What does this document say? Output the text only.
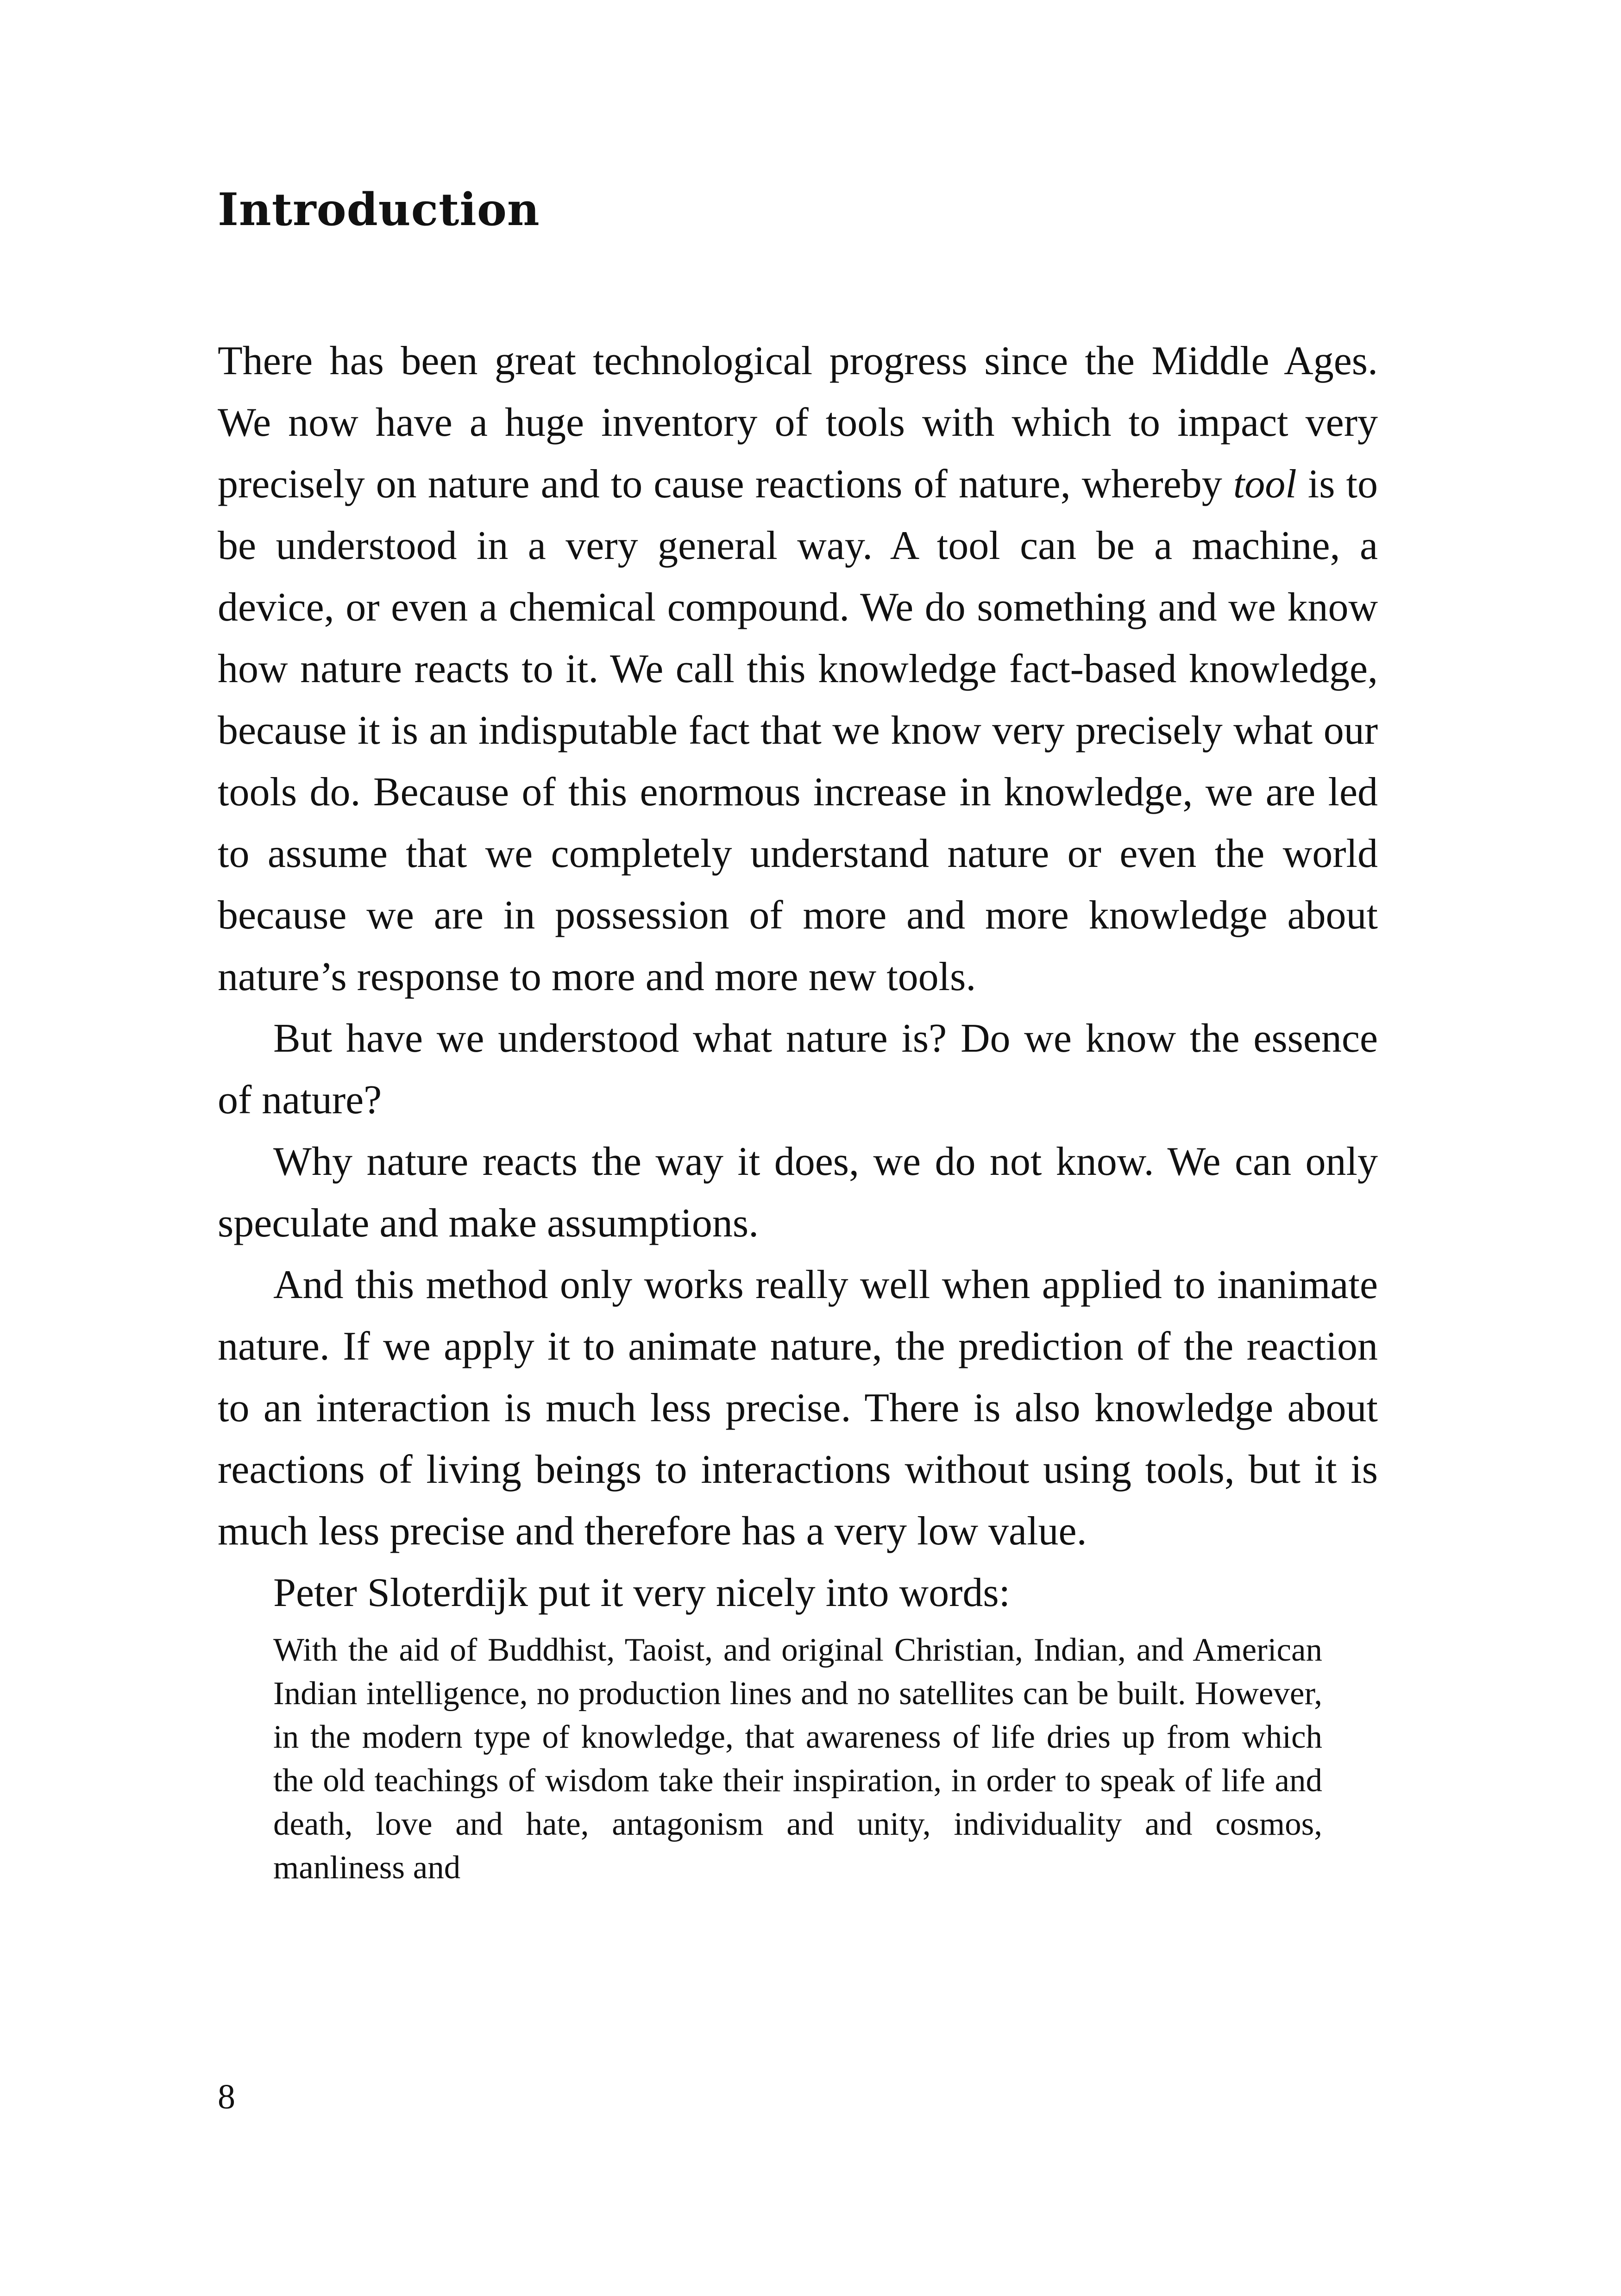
Introduction

There has been great technological progress since the Middle Ages. We now have a huge inventory of tools with which to impact very precisely on nature and to cause reactions of nature, whereby tool is to be understood in a very general way. A tool can be a machine, a device, or even a chemical compound. We do something and we know how nature reacts to it. We call this knowledge fact-based knowledge, because it is an indisputable fact that we know very precisely what our tools do. Because of this enormous increase in knowledge, we are led to assume that we completely understand nature or even the world because we are in possession of more and more knowledge about nature’s response to more and more new tools.

But have we understood what nature is? Do we know the essence of nature?

Why nature reacts the way it does, we do not know. We can only speculate and make assumptions.

And this method only works really well when applied to inanimate nature. If we apply it to animate nature, the prediction of the reaction to an interaction is much less precise. There is also knowledge about reactions of living beings to interactions without using tools, but it is much less precise and therefore has a very low value.

Peter Sloterdijk put it very nicely into words:

With the aid of Buddhist, Taoist, and original Christian, Indian, and American Indian intelligence, no production lines and no satellites can be built. However, in the modern type of knowledge, that awareness of life dries up from which the old teachings of wisdom take their inspiration, in order to speak of life and death, love and hate, antagonism and unity, individuality and cosmos, manliness and

8
